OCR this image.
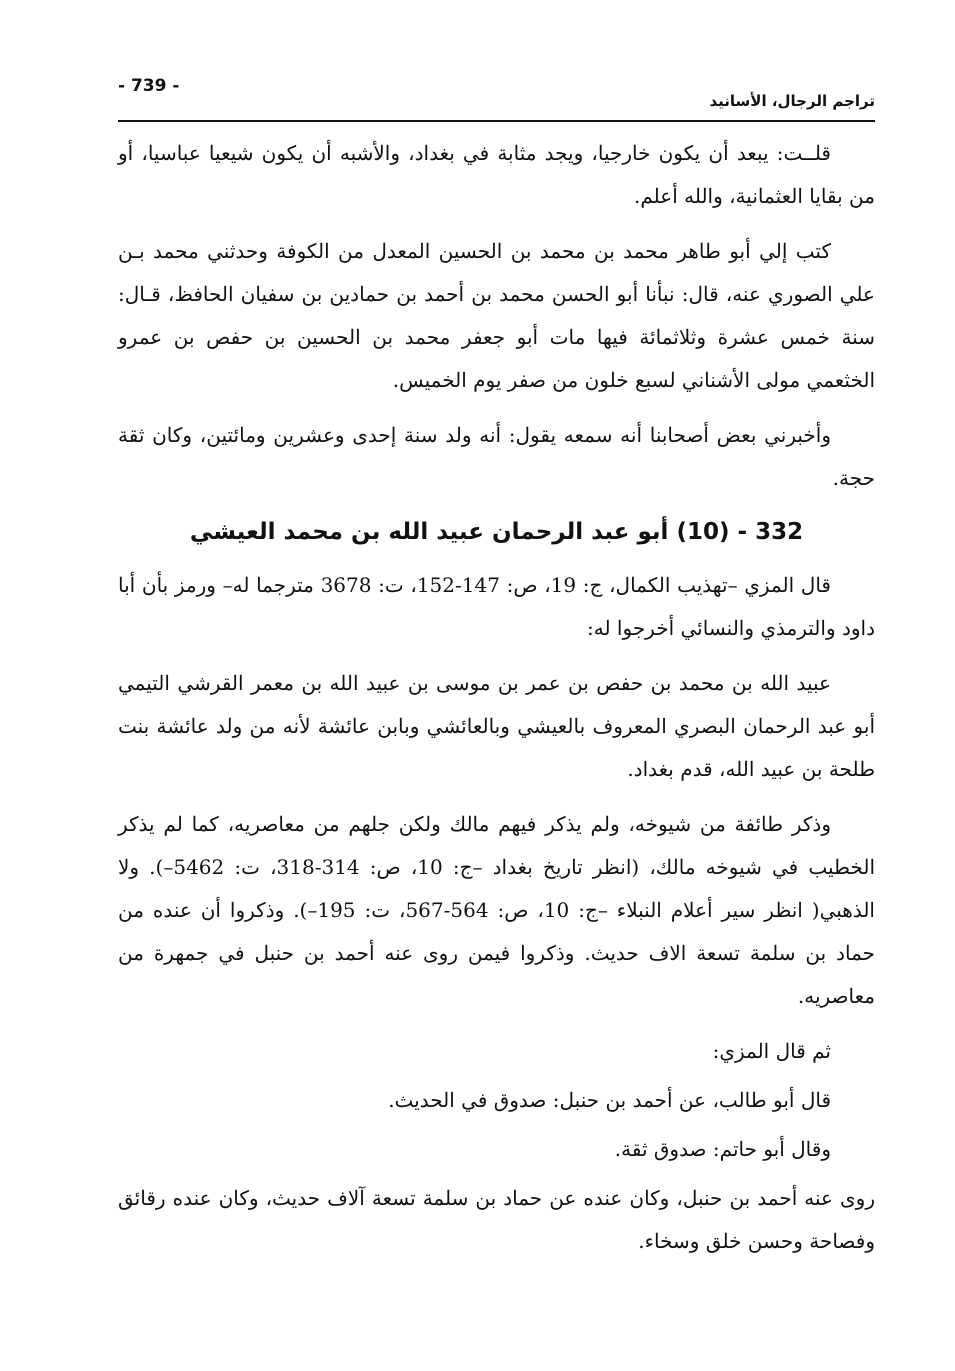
تراجم الرجال، الأسانيد
- 739 -

قلــت: يبعد أن يكون خارجيا، ويجد مثابة في بغداد، والأشبه أن يكون شيعيا عباسيا، أو من بقايا العثمانية، والله أعلم.

كتب إلي أبو طاهر محمد بن محمد بن الحسين المعدل من الكوفة وحدثني محمد بـن علي الصوري عنه، قال: نبأنا أبو الحسن محمد بن أحمد بن حمادين بن سفيان الحافظ، قـال: سنة خمس عشرة وثلاثمائة فيها مات أبو جعفر محمد بن الحسين بن حفص بن عمرو الخثعمي مولى الأشناني لسبع خلون من صفر يوم الخميس.

وأخبرني بعض أصحابنا أنه سمعه يقول: أنه ولد سنة إحدى وعشرين ومائتين، وكان ثقة حجة.

332 - (10) أبو عبد الرحمان عبيد الله بن محمد العيشي

قال المزي –تهذيب الكمال، ج: 19، ص: 147-152، ت: 3678 مترجما له– ورمز بأن أبا داود والترمذي والنسائي أخرجوا له:

عبيد الله بن محمد بن حفص بن عمر بن موسى بن عبيد الله بن معمر القرشي التيمي أبو عبد الرحمان البصري المعروف بالعيشي وبالعائشي وبابن عائشة لأنه من ولد عائشة بنت طلحة بن عبيد الله، قدم بغداد.

وذكر طائفة من شيوخه، ولم يذكر فيهم مالك ولكن جلهم من معاصريه، كما لم يذكر الخطيب في شيوخه مالك، (انظر تاريخ بغداد –ج: 10، ص: 314-318، ت: 5462–). ولا الذهبي( انظر سير أعلام النبلاء –ج: 10، ص: 564-567، ت: 195–). وذكروا أن عنده من حماد بن سلمة تسعة الاف حديث. وذكروا فيمن روى عنه أحمد بن حنبل في جمهرة من معاصريه.

ثم قال المزي:

قال أبو طالب، عن أحمد بن حنبل: صدوق في الحديث.

وقال أبو حاتم: صدوق ثقة.

روى عنه أحمد بن حنبل، وكان عنده عن حماد بن سلمة تسعة آلاف حديث، وكان عنده رقائق وفصاحة وحسن خلق وسخاء.
